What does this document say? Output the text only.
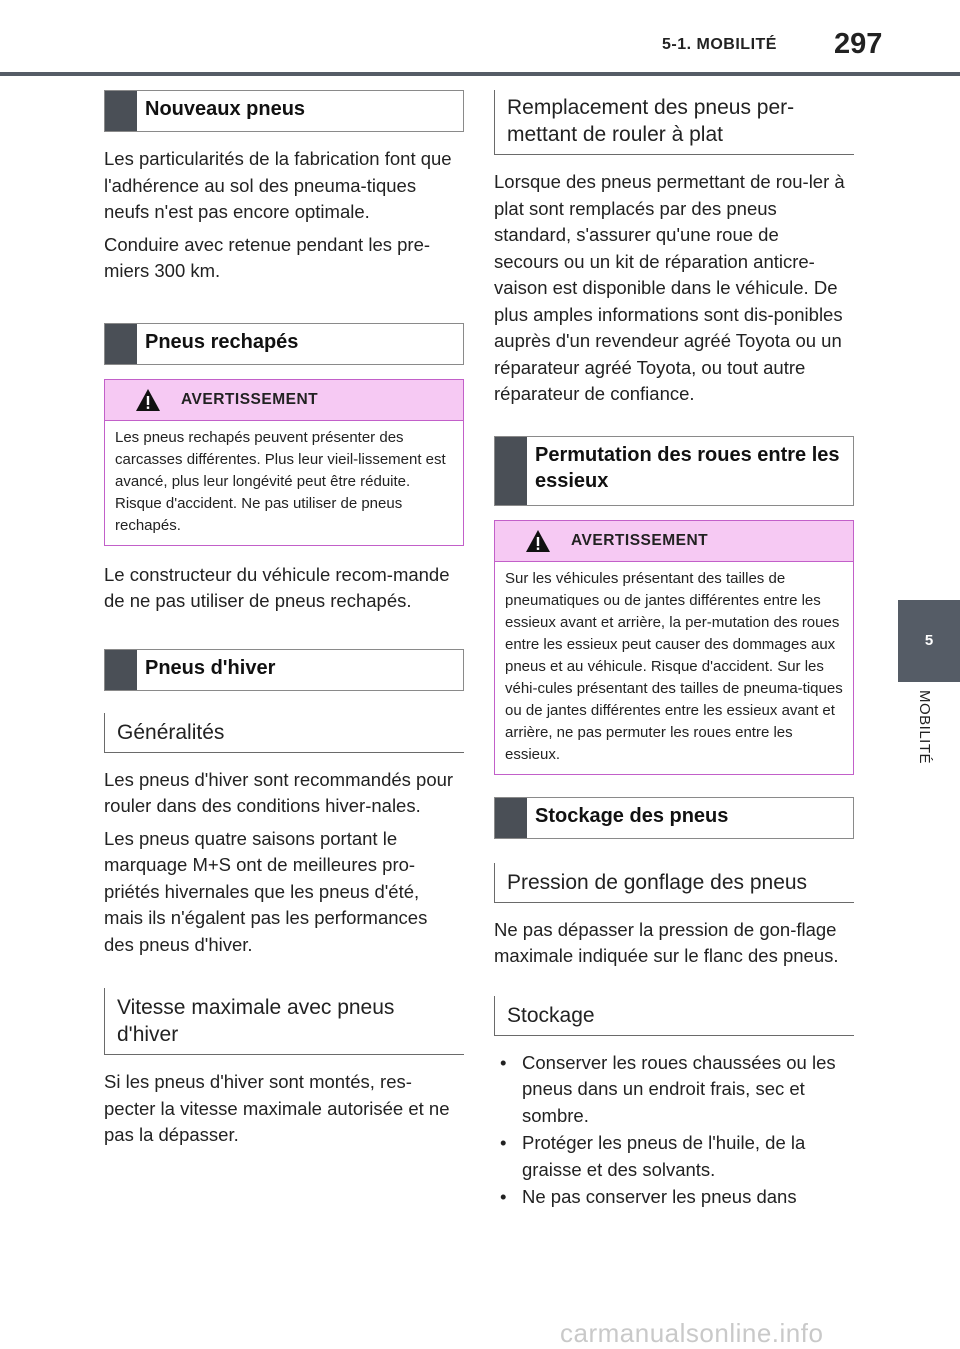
5-1. MOBILITÉ 297
5
MOBILITÉ
Nouveaux pneus

Les particularités de la fabrication font que l'adhérence au sol des pneuma-tiques neufs n'est pas encore optimale.

Conduire avec retenue pendant les pre-miers 300 km.

Pneus rechapés
AVERTISSEMENT
Les pneus rechapés peuvent présenter des carcasses différentes. Plus leur vieil-lissement est avancé, plus leur longévité peut être réduite. Risque d'accident. Ne pas utiliser de pneus rechapés.

Le constructeur du véhicule recom-mande de ne pas utiliser de pneus rechapés.

Pneus d'hiver
Généralités

Les pneus d'hiver sont recommandés pour rouler dans des conditions hiver-nales.

Les pneus quatre saisons portant le marquage M+S ont de meilleures pro-priétés hivernales que les pneus d'été, mais ils n'égalent pas les performances des pneus d'hiver.

Vitesse maximale avec pneus d'hiver

Si les pneus d'hiver sont montés, res-pecter la vitesse maximale autorisée et ne pas la dépasser.

Remplacement des pneus per-mettant de rouler à plat

Lorsque des pneus permettant de rou-ler à plat sont remplacés par des pneus standard, s'assurer qu'une roue de secours ou un kit de réparation anticre-vaison est disponible dans le véhicule. De plus amples informations sont dis-ponibles auprès d'un revendeur agréé Toyota ou un réparateur agréé Toyota, ou tout autre réparateur de confiance.

Permutation des roues entre les essieux
AVERTISSEMENT
Sur les véhicules présentant des tailles de pneumatiques ou de jantes différentes entre les essieux avant et arrière, la per-mutation des roues entre les essieux peut causer des dommages aux pneus et au véhicule. Risque d'accident. Sur les véhi-cules présentant des tailles de pneuma-tiques ou de jantes différentes entre les essieux avant et arrière, ne pas permuter les roues entre les essieux.
Stockage des pneus
Pression de gonflage des pneus

Ne pas dépasser la pression de gon-flage maximale indiquée sur le flanc des pneus.

Stockage
• Conserver les roues chaussées ou les pneus dans un endroit frais, sec et sombre.
• Protéger les pneus de l'huile, de la graisse et des solvants.
• Ne pas conserver les pneus dans
carmanualsonline.info
